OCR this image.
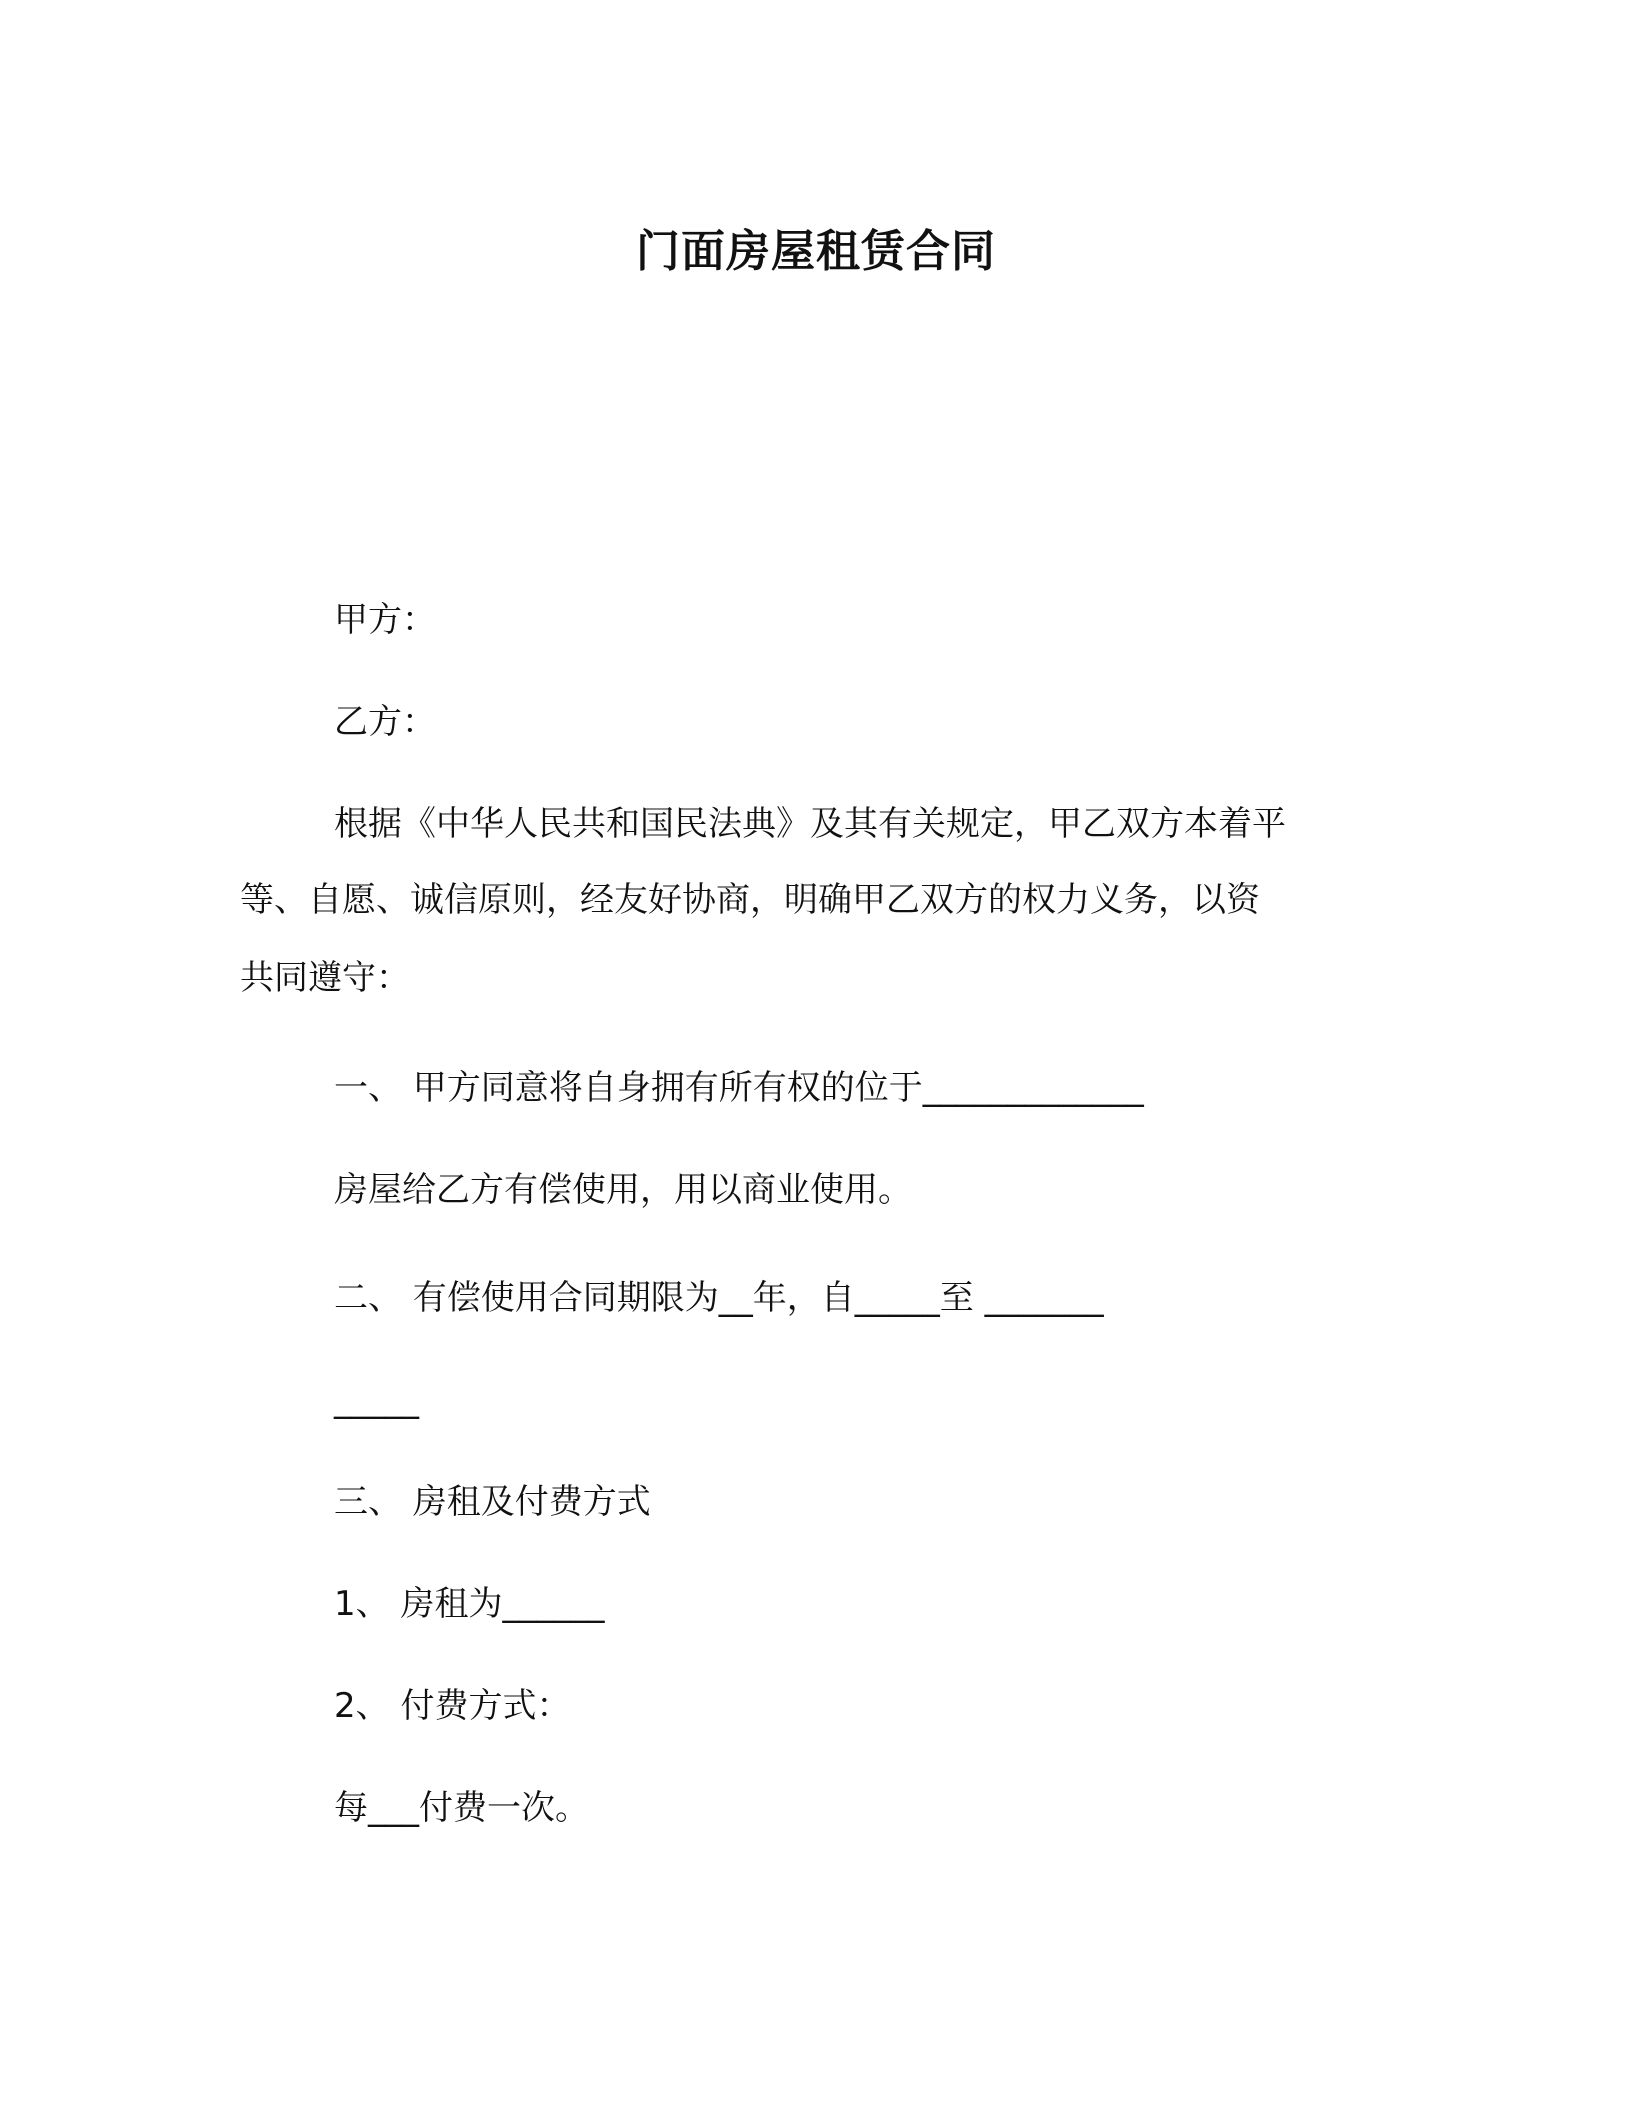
门面房屋租赁合同
甲方：
乙方：
根据《中华人民共和国民法典》及其有关规定，甲乙双方本着平
等、自愿、诚信原则，经友好协商，明确甲乙双方的权力义务，以资
共同遵守：
一、 甲方同意将自身拥有所有权的位于_____________
房屋给乙方有偿使用，用以商业使用。
二、 有偿使用合同期限为__年，自_____至 _______
_____
三、 房租及付费方式
1、 房租为______
2、 付费方式：
每___付费一次。
